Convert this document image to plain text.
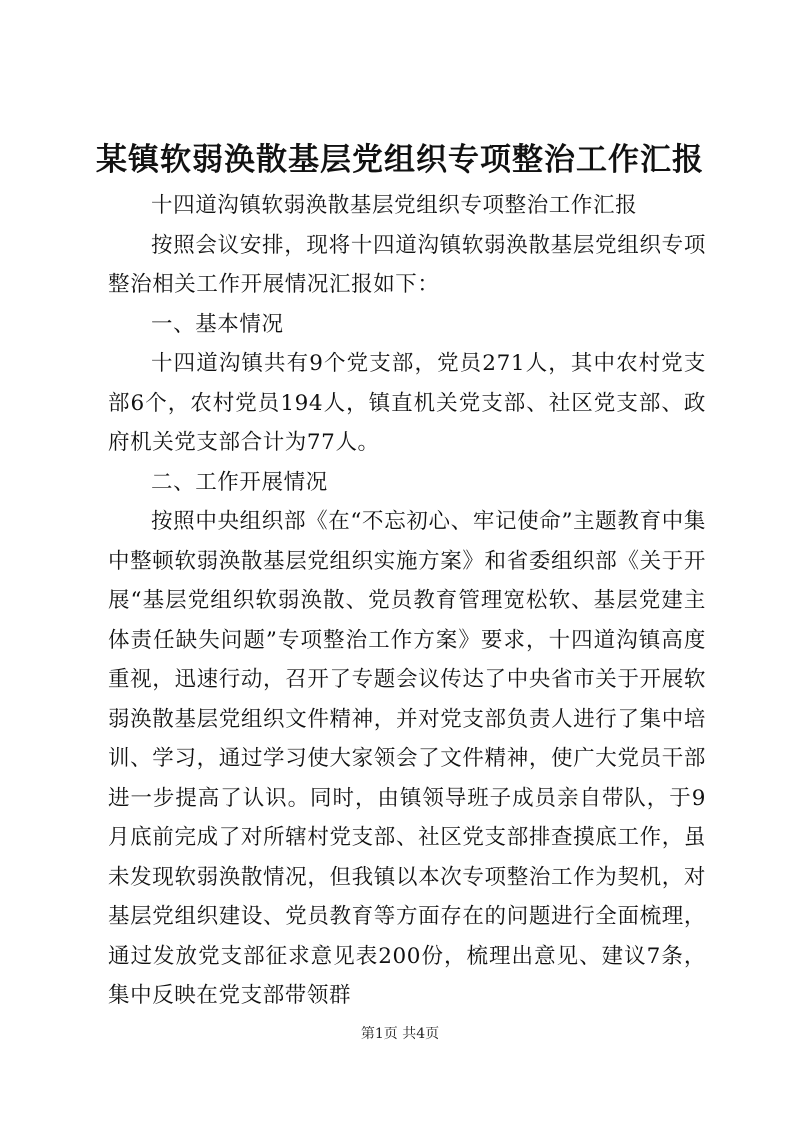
某镇软弱涣散基层党组织专项整治工作汇报

十四道沟镇软弱涣散基层党组织专项整治工作汇报

按照会议安排，现将十四道沟镇软弱涣散基层党组织专项整治相关工作开展情况汇报如下：

一、基本情况

十四道沟镇共有9个党支部，党员271人，其中农村党支部6个，农村党员194人，镇直机关党支部、社区党支部、政府机关党支部合计为77人。

二、工作开展情况

按照中央组织部《在“不忘初心、牢记使命”主题教育中集中整顿软弱涣散基层党组织实施方案》和省委组织部《关于开展“基层党组织软弱涣散、党员教育管理宽松软、基层党建主体责任缺失问题”专项整治工作方案》要求，十四道沟镇高度重视，迅速行动，召开了专题会议传达了中央省市关于开展软弱涣散基层党组织文件精神，并对党支部负责人进行了集中培训、学习，通过学习使大家领会了文件精神，使广大党员干部进一步提高了认识。同时，由镇领导班子成员亲自带队，于9月底前完成了对所辖村党支部、社区党支部排查摸底工作，虽未发现软弱涣散情况，但我镇以本次专项整治工作为契机，对基层党组织建设、党员教育等方面存在的问题进行全面梳理，通过发放党支部征求意见表200份，梳理出意见、建议7条，集中反映在党支部带领群

第1页 共4页
